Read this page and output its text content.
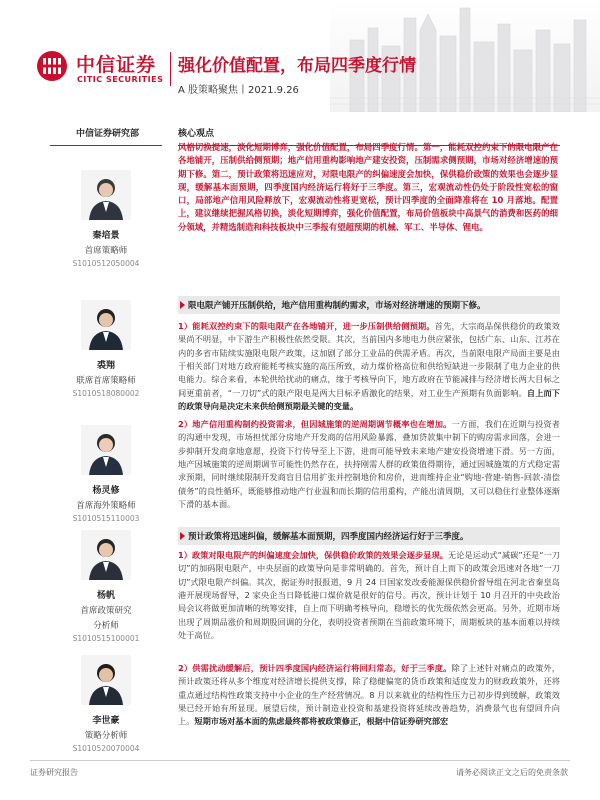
中信证券
CITIC SECURITIES
强化价值配置，布局四季度行情
A 股策略聚焦丨2021.9.26
中信证券研究部
秦培景
首席策略师
S1010512050004
裘翔
联席首席策略师
S1010518080002
杨灵修
首席海外策略师
S1010515110003
杨帆
首席政策研究
分析师
S1010515100001
李世豪
策略分析师
S1010520070004
核心观点
风格切换提速，淡化短期博弈，强化价值配置，布局四季度行情。第一，能耗双控约束下的限电限产在各地铺开，压制供给侧预期；地产信用重构影响地产建安投资，压制需求侧预期，市场对经济增速的预期下修。第二，预计政策将迅速应对，对限电限产的纠偏速度会加快，保供稳价政策的效果也会逐步显现，缓解基本面预期，四季度国内经济运行将好于三季度。第三，宏观流动性仍处于阶段性宽松的窗口，局部地产信用风险释放下，宏观流动性将更宽松，预计四季度的全面降准将在 10 月落地。配置上，建议继续把握风格切换，淡化短期博弈，强化价值配置，布局价值板块中高景气的消费和医药的细分领域，并精选制造和科技板块中三季报有望超预期的机械、军工、半导体、锂电。
限电限产铺开压制供给，地产信用重构制约需求，市场对经济增速的预期下修。
1）能耗双控约束下的限电限产在各地铺开，进一步压制供给侧预期。首先，大宗商品保供稳价的政策效果尚不明显，中下游生产积极性依然受限。其次，当前国内多地电力供应紧张，包括广东、山东、江苏在内的多省市陆续实施限电限产政策，这加剧了部分工业品的供需矛盾。再次，当前限电限产局面主要是由于相关部门对地方政府能耗考核实施的高压所致，动力煤价格高位和供给短缺进一步限制了电力企业的供电能力。综合来看，本轮供给扰动的痛点，缘于考核导向下，地方政府在节能减排与经济增长两大目标之间更重前者，“一刀切”式的限产限电是两大目标矛盾激化的结果，对工业生产预期有负面影响。自上而下的政策导向是决定未来供给侧预期最关键的变量。
2）地产信用重构制约投资需求，但因城施策的逆周期调节概率也在增加。一方面，我们在近期与投资者的沟通中发现，市场担忧部分房地产开发商的信用风险暴露，叠加贷款集中制下的购房需求回落，会进一步抑制开发商拿地意愿，投资下行传导至上下游，进而可能导致未来地产建安投资增速下滑。另一方面，地产因城施策的逆周期调节可能性仍然存在，扶持刚需人群的政策值得期待，通过因城施策的方式稳定需求预期，同时继续限制开发商盲目信用扩张并控制地价和房价，进而维持企业“购地-营建-销售-回款-清偿债务”的良性循环，既能够推动地产行业温和而长期的信用重构，产能出清周期，又可以稳住行业整体逐渐下滑的基本面。
预计政策将迅速纠偏，缓解基本面预期，四季度国内经济运行好于三季度。
1）政策对限电限产的纠偏速度会加快，保供稳价政策的效果会逐步显现。无论是运动式“减碳”还是“一刀切”的加码限电限产，中央层面的政策导向是非常明确的。首先，预计自上而下的政策会迅速对各地“一刀切”式限电限产纠偏。其次，据证券时报报道，9 月 24 日国家发改委能源保供稳价督导组在河北省秦皇岛港开展现场督导，2 家央企当日降低港口煤价就是很好的信号。再次，预计计划于 10 月召开的中央政治局会议将做更加清晰的统筹安排，自上而下明确考核导向，稳增长的优先级依然会更高。另外，近期市场出现了周期品涨价和周期股回调的分化，表明投资者预期在当前政策环境下，周期板块的基本面难以持续处于高位。
2）供需扰动缓解后，预计四季度国内经济运行将回归常态，好于三季度。除了上述针对痛点的政策外，预计政策还将从多个维度对经济增长提供支撑，除了稳健偏宽的货币政策和适度发力的财政政策外，还将重点通过结构性政策支持中小企业的生产经营情况。8 月以来就业的结构性压力已初步得到缓解，政策效果已经开始有所显现。展望后续，预计制造业投资和基建投资将延续改善趋势，消费景气也有望回升向上。短期市场对基本面的焦虑最终都将被政策修正，根据中信证券研究部宏
证券研究报告	请务必阅读正文之后的免责条款
